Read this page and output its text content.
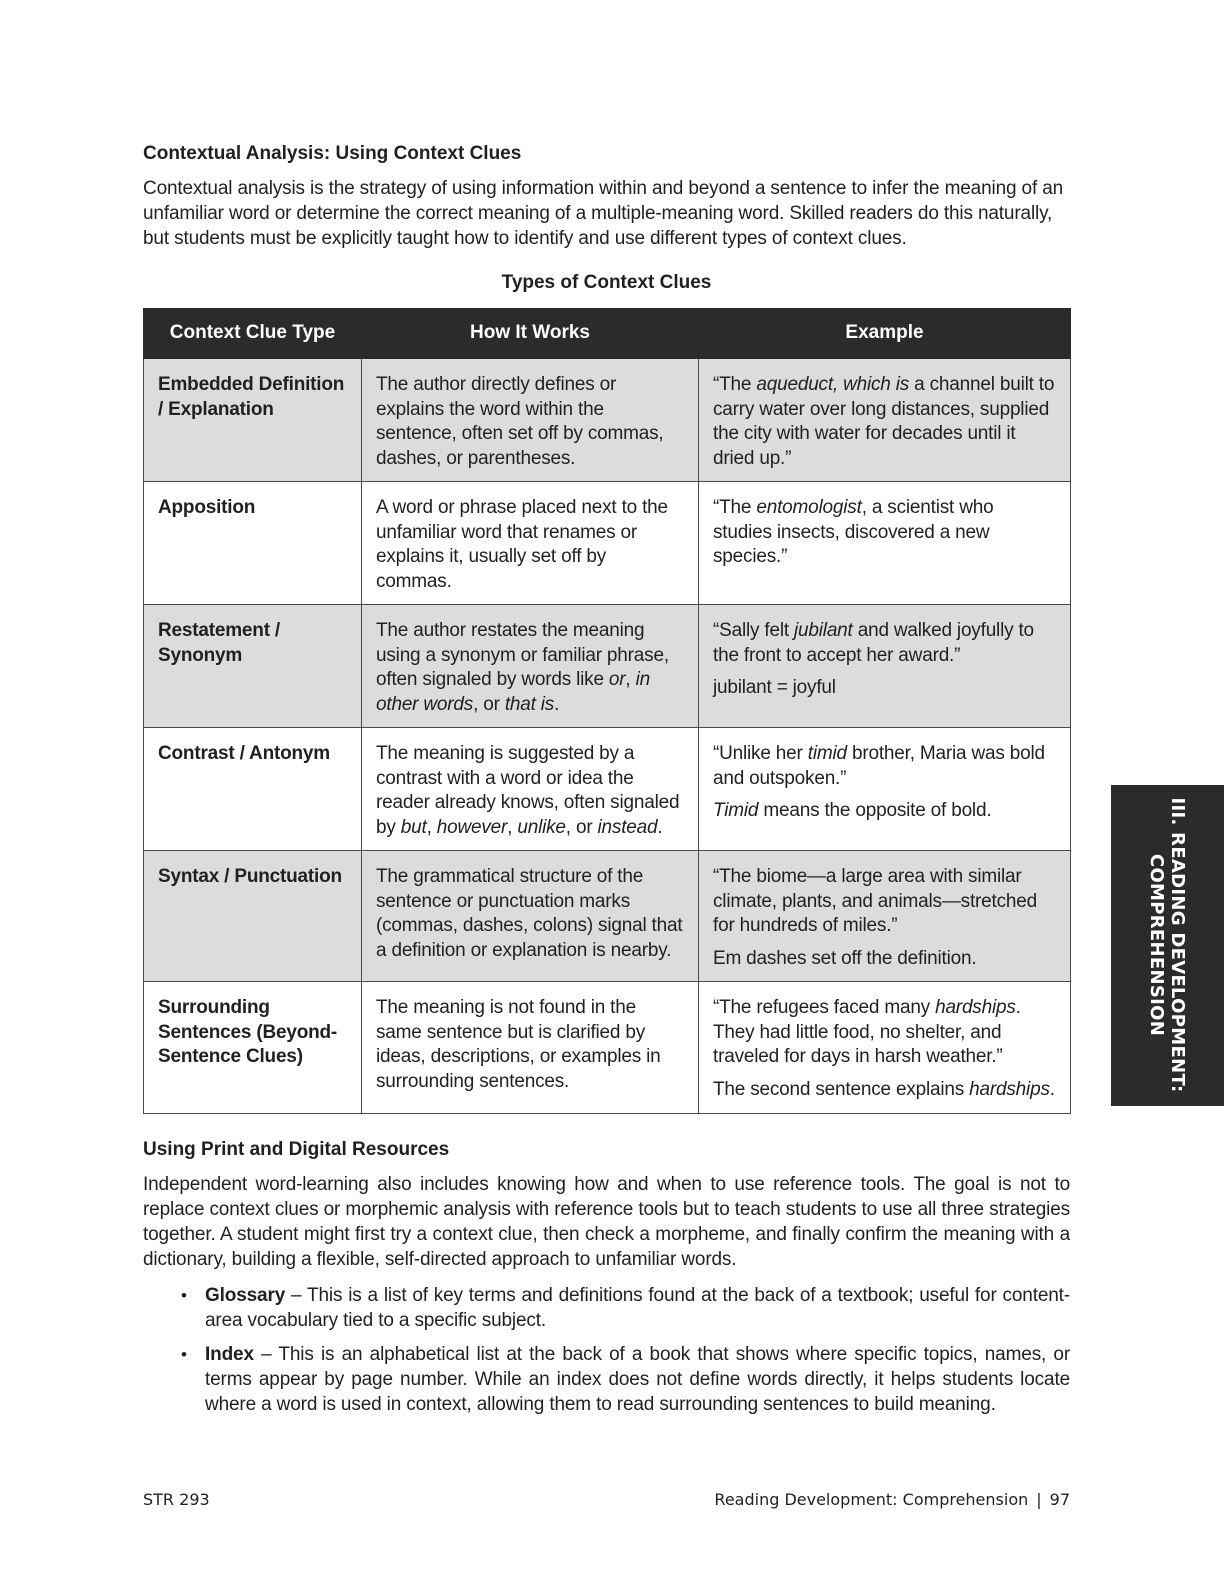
Contextual Analysis: Using Context Clues

Contextual analysis is the strategy of using information within and beyond a sentence to infer the meaning of an unfamiliar word or determine the correct meaning of a multiple-meaning word. Skilled readers do this naturally, but students must be explicitly taught how to identify and use different types of context clues.

Types of Context Clues
Context Clue Type	How It Works	Example
Embedded Definition / Explanation	The author directly defines or explains the word within the sentence, often set off by commas, dashes, or parentheses.	“The aqueduct, which is a channel built to carry water over long distances, supplied the city with water for decades until it dried up.”
Apposition	A word or phrase placed next to the unfamiliar word that renames or explains it, usually set off by commas.	“The entomologist, a scientist who studies insects, discovered a new species.”
Restatement / Synonym	The author restates the meaning using a synonym or familiar phrase, often signaled by words like or, in other words, or that is.	“Sally felt jubilant and walked joyfully to the front to accept her award.”
jubilant = joyful

Contrast / Antonym	The meaning is suggested by a contrast with a word or idea the reader already knows, often signaled by but, however, unlike, or instead.	“Unlike her timid brother, Maria was bold and outspoken.”
Timid means the opposite of bold.

Syntax / Punctuation	The grammatical structure of the sentence or punctuation marks (commas, dashes, colons) signal that a definition or explanation is nearby.	“The biome—a large area with similar climate, plants, and animals—stretched for hundreds of miles.”
Em dashes set off the definition.

Surrounding Sentences (Beyond-Sentence Clues)	The meaning is not found in the same sentence but is clarified by ideas, descriptions, or examples in surrounding sentences.	“The refugees faced many hardships. They had little food, no shelter, and traveled for days in harsh weather.”
The second sentence explains hardships.
Using Print and Digital Resources

Independent word-learning also includes knowing how and when to use reference tools. The goal is not to replace context clues or morphemic analysis with reference tools but to teach students to use all three strategies together. A student might first try a context clue, then check a morpheme, and finally confirm the meaning with a dictionary, building a flexible, self-directed approach to unfamiliar words.

• Glossary – This is a list of key terms and definitions found at the back of a textbook; useful for content-area vocabulary tied to a specific subject.
• Index – This is an alphabetical list at the back of a book that shows where specific topics, names, or terms appear by page number. While an index does not define words directly, it helps students locate where a word is used in context, allowing them to read surrounding sentences to build meaning.
III. READING DEVELOPMENT:
COMPREHENSION
STR 293	Reading Development: Comprehension | 97
